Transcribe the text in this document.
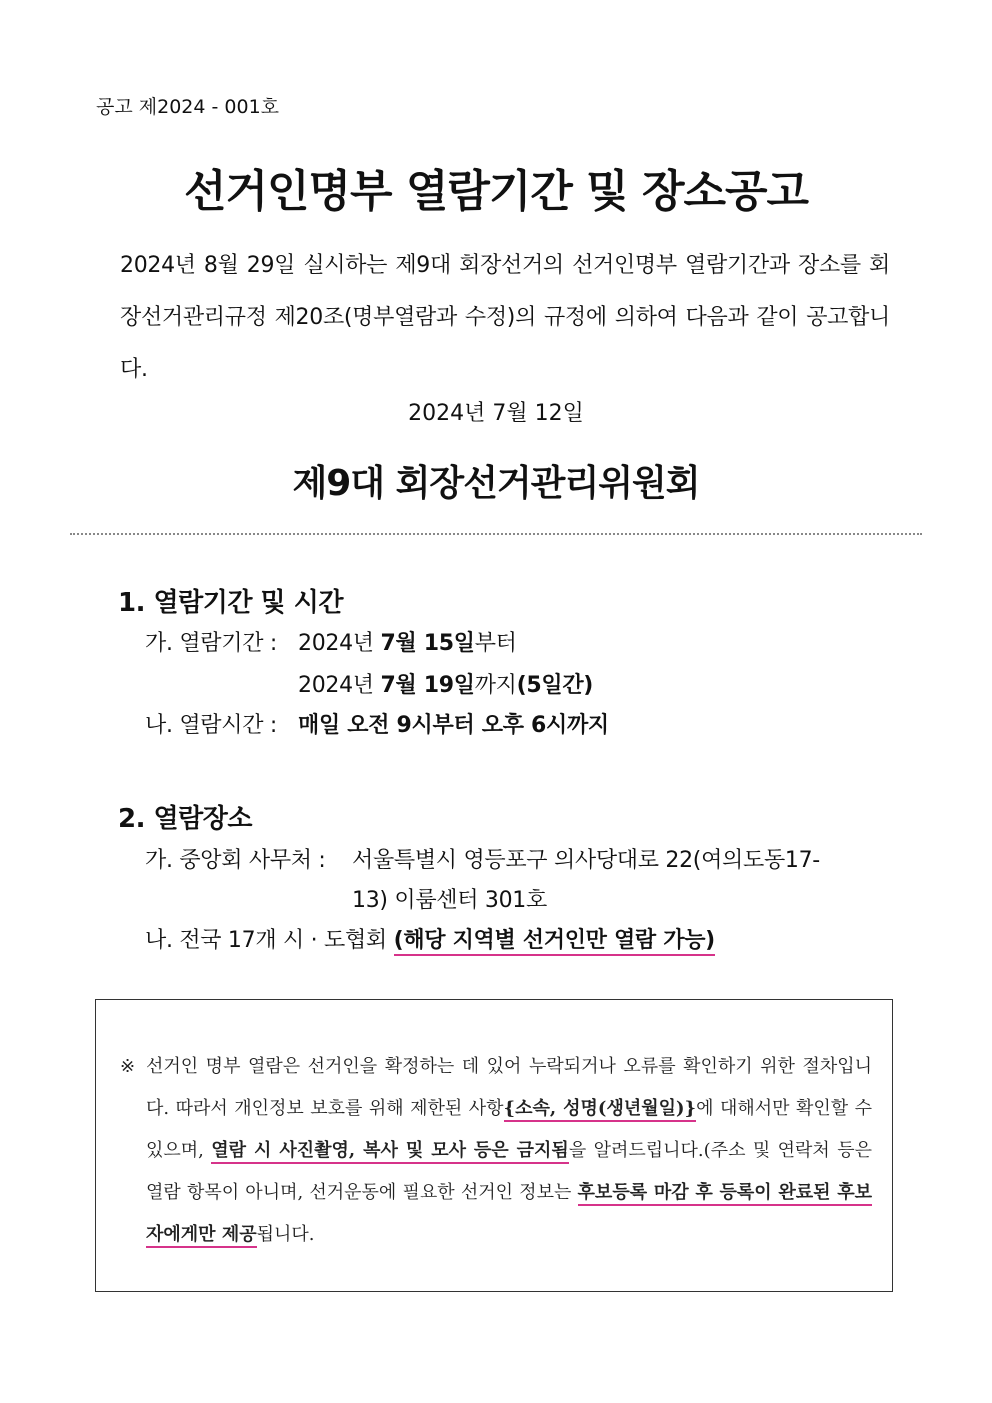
공고 제2024 - 001호
선거인명부 열람기간 및 장소공고
2024년 8월 29일 실시하는 제9대 회장선거의 선거인명부 열람기간과 장소를 회장선거관리규정 제20조(명부열람과 수정)의 규정에 의하여 다음과 같이 공고합니다.
2024년 7월 12일
제9대 회장선거관리위원회
1. 열람기간 및 시간
가. 열람기간 : 2024년 7월 15일부터
2024년 7월 19일까지(5일간)
나. 열람시간 : 매일 오전 9시부터 오후 6시까지
2. 열람장소
가. 중앙회 사무처 : 서울특별시 영등포구 의사당대로 22(여의도동17-
13) 이룸센터 301호
나. 전국 17개 시 · 도협회 (해당 지역별 선거인만 열람 가능)
※ 선거인 명부 열람은 선거인을 확정하는 데 있어 누락되거나 오류를 확인하기 위한 절차입니다. 따라서 개인정보 보호를 위해 제한된 사항{소속, 성명(생년월일)}에 대해서만 확인할 수 있으며, 열람 시 사진촬영, 복사 및 모사 등은 금지됨을 알려드립니다.(주소 및 연락처 등은 열람 항목이 아니며, 선거운동에 필요한 선거인 정보는 후보등록 마감 후 등록이 완료된 후보자에게만 제공됩니다.
